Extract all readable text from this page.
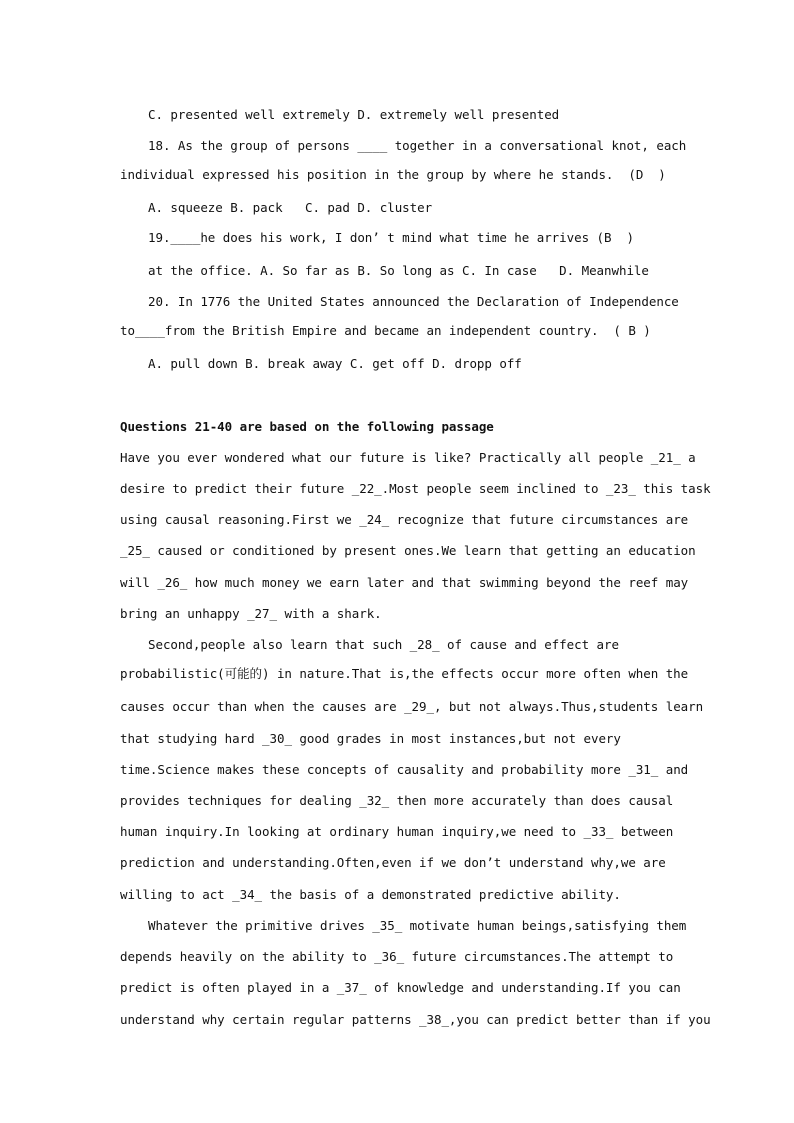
C. presented well extremely D. extremely well presented
18. As the group of persons ____ together in a conversational knot, each
individual expressed his position in the group by where he stands.  (D  )
A. squeeze B. pack   C. pad D. cluster
19.____he does his work, I don’ t mind what time he arrives (B  )
at the office. A. So far as B. So long as C. In case   D. Meanwhile
20. In 1776 the United States announced the Declaration of Independence
to____from the British Empire and became an independent country.  ( B )
A. pull down B. break away C. get off D. dropp off
Questions 21-40 are based on the following passage
Have you ever wondered what our future is like? Practically all people _21_ a
desire to predict their future _22_.Most people seem inclined to _23_ this task
using causal reasoning.First we _24_ recognize that future circumstances are
_25_ caused or conditioned by present ones.We learn that getting an education
will _26_ how much money we earn later and that swimming beyond the reef may
bring an unhappy _27_ with a shark.
Second,people also learn that such _28_ of cause and effect are
probabilistic(可能的) in nature.That is,the effects occur more often when the
causes occur than when the causes are _29_, but not always.Thus,students learn
that studying hard _30_ good grades in most instances,but not every
time.Science makes these concepts of causality and probability more _31_ and
provides techniques for dealing _32_ then more accurately than does causal
human inquiry.In looking at ordinary human inquiry,we need to _33_ between
prediction and understanding.Often,even if we don’t understand why,we are
willing to act _34_ the basis of a demonstrated predictive ability.
Whatever the primitive drives _35_ motivate human beings,satisfying them
depends heavily on the ability to _36_ future circumstances.The attempt to
predict is often played in a _37_ of knowledge and understanding.If you can
understand why certain regular patterns _38_,you can predict better than if you
